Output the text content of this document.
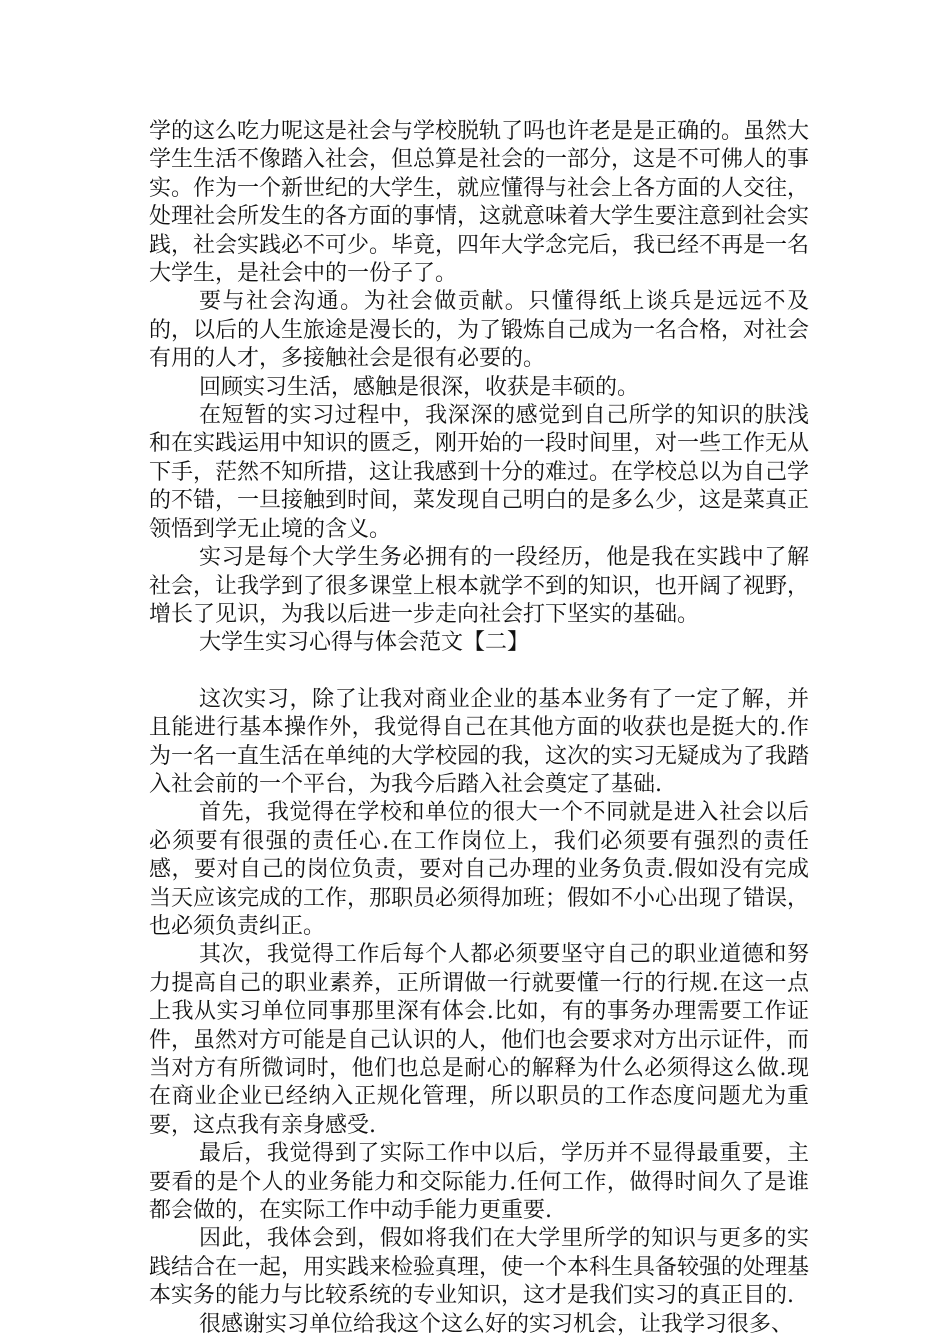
学的这么吃力呢这是社会与学校脱轨了吗也许老是是正确的。虽然大学生生活不像踏入社会，但总算是社会的一部分，这是不可佛人的事实。作为一个新世纪的大学生，就应懂得与社会上各方面的人交往，处理社会所发生的各方面的事情，这就意味着大学生要注意到社会实践，社会实践必不可少。毕竟，四年大学念完后，我已经不再是一名大学生，是社会中的一份子了。

要与社会沟通。为社会做贡献。只懂得纸上谈兵是远远不及的，以后的人生旅途是漫长的，为了锻炼自己成为一名合格，对社会有用的人才，多接触社会是很有必要的。

回顾实习生活，感触是很深，收获是丰硕的。

在短暂的实习过程中，我深深的感觉到自己所学的知识的肤浅和在实践运用中知识的匮乏，刚开始的一段时间里，对一些工作无从下手，茫然不知所措，这让我感到十分的难过。在学校总以为自己学的不错，一旦接触到时间，菜发现自己明白的是多么少，这是菜真正领悟到学无止境的含义。

实习是每个大学生务必拥有的一段经历，他是我在实践中了解社会，让我学到了很多课堂上根本就学不到的知识，也开阔了视野，增长了见识，为我以后进一步走向社会打下坚实的基础。

大学生实习心得与体会范文【二】

这次实习，除了让我对商业企业的基本业务有了一定了解，并且能进行基本操作外，我觉得自己在其他方面的收获也是挺大的.作为一名一直生活在单纯的大学校园的我，这次的实习无疑成为了我踏入社会前的一个平台，为我今后踏入社会奠定了基础.

首先，我觉得在学校和单位的很大一个不同就是进入社会以后必须要有很强的责任心.在工作岗位上，我们必须要有强烈的责任感，要对自己的岗位负责，要对自己办理的业务负责.假如没有完成当天应该完成的工作，那职员必须得加班；假如不小心出现了错误，也必须负责纠正。

其次，我觉得工作后每个人都必须要坚守自己的职业道德和努力提高自己的职业素养，正所谓做一行就要懂一行的行规.在这一点上我从实习单位同事那里深有体会.比如，有的事务办理需要工作证件，虽然对方可能是自己认识的人，他们也会要求对方出示证件，而当对方有所微词时，他们也总是耐心的解释为什么必须得这么做.现在商业企业已经纳入正规化管理，所以职员的工作态度问题尤为重要，这点我有亲身感受.

最后，我觉得到了实际工作中以后，学历并不显得最重要，主要看的是个人的业务能力和交际能力.任何工作，做得时间久了是谁都会做的，在实际工作中动手能力更重要.

因此，我体会到，假如将我们在大学里所学的知识与更多的实践结合在一起，用实践来检验真理，使一个本科生具备较强的处理基本实务的能力与比较系统的专业知识，这才是我们实习的真正目的.

很感谢实习单位给我这个这么好的实习机会，让我学习很多、
